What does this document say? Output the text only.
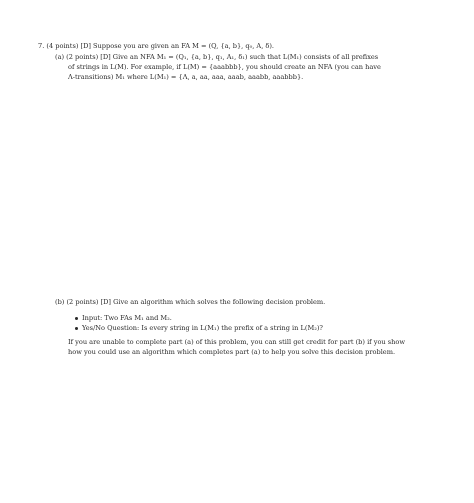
7. (4 points) [D] Suppose you are given an FA M = (Q, {a, b}, q₀, A, δ).
(a) (2 points) [D] Give an NFA M₁ = (Q₁, {a, b}, q₁, A₁, δ₁) such that L(M₁) consists of all prefixes
of strings in L(M). For example, if L(M) = {aaabbb}, you should create an NFA (you can have
Λ-transitions) M₁ where L(M₁) = {Λ, a, aa, aaa, aaab, aaabb, aaabbb}.
(b) (2 points) [D] Give an algorithm which solves the following decision problem.
Input: Two FAs M₁ and M₂.
Yes/No Question: Is every string in L(M₁) the prefix of a string in L(M₂)?
If you are unable to complete part (a) of this problem, you can still get credit for part (b) if you show
how you could use an algorithm which completes part (a) to help you solve this decision problem.
